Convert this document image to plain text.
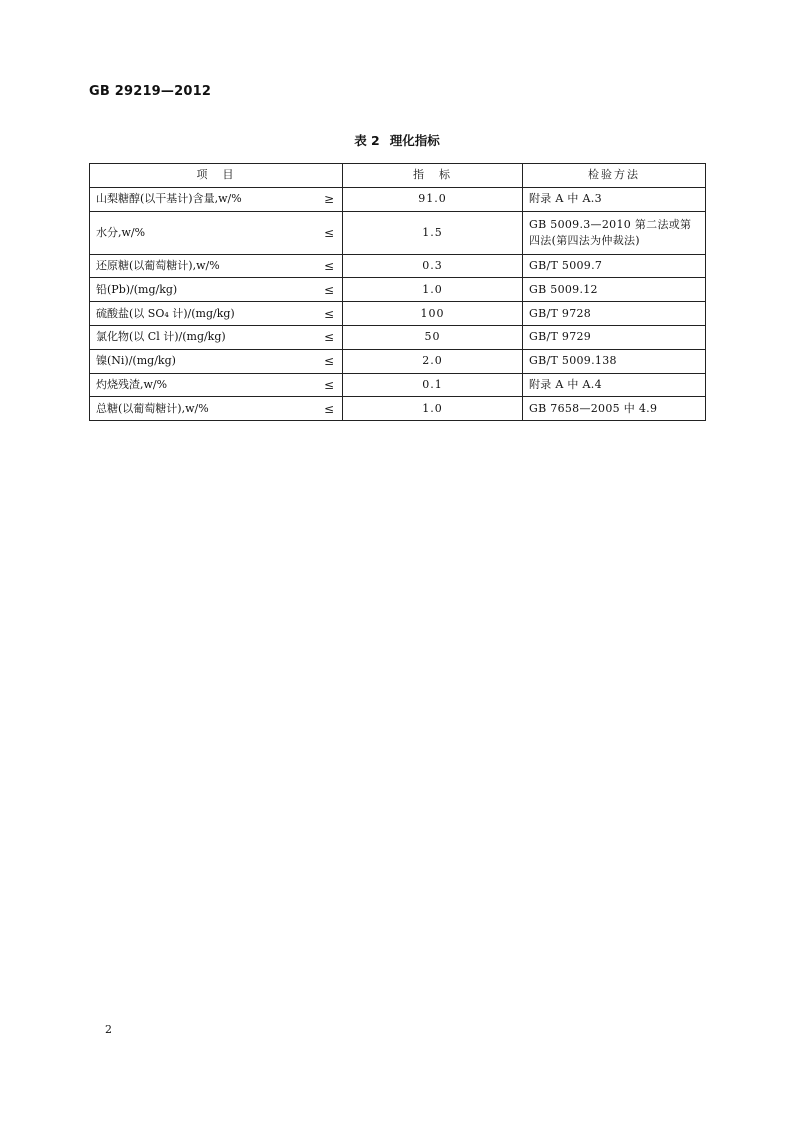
GB 29219—2012
表 2 理化指标
项　目	指　标	检验方法
山梨糖醇(以干基计)含量,w/% ≥	91.0	附录 A 中 A.3
水分,w/% ≤	1.5	GB 5009.3—2010 第二法或第四法(第四法为仲裁法)
还原糖(以葡萄糖计),w/% ≤	0.3	GB/T 5009.7
铅(Pb)/(mg/kg) ≤	1.0	GB 5009.12
硫酸盐(以 SO₄ 计)/(mg/kg) ≤	100	GB/T 9728
氯化物(以 Cl 计)/(mg/kg) ≤	50	GB/T 9729
镍(Ni)/(mg/kg) ≤	2.0	GB/T 5009.138
灼烧残渣,w/% ≤	0.1	附录 A 中 A.4
总糖(以葡萄糖计),w/% ≤	1.0	GB 7658—2005 中 4.9
2
